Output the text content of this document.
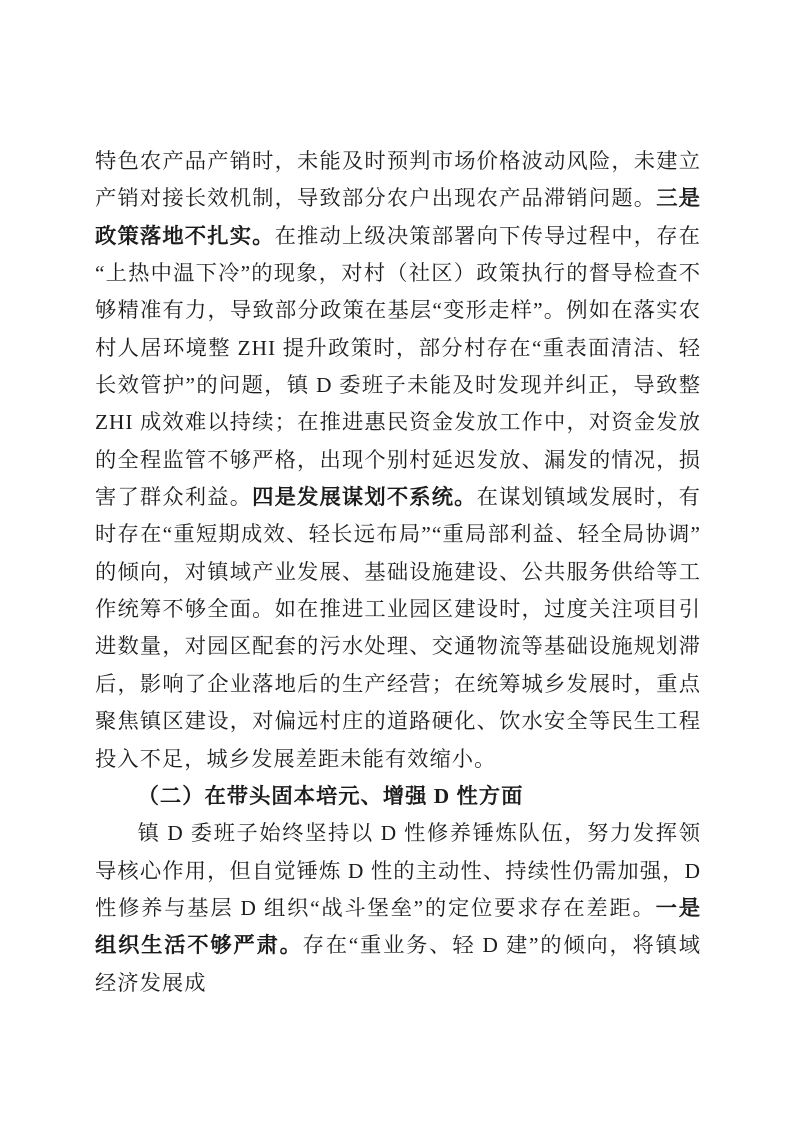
特色农产品产销时，未能及时预判市场价格波动风险，未建立产销对接长效机制，导致部分农户出现农产品滞销问题。三是政策落地不扎实。在推动上级决策部署向下传导过程中，存在“上热中温下冷”的现象，对村（社区）政策执行的督导检查不够精准有力，导致部分政策在基层“变形走样”。例如在落实农村人居环境整 ZHI 提升政策时，部分村存在“重表面清洁、轻长效管护”的问题，镇 D 委班子未能及时发现并纠正，导致整 ZHI 成效难以持续；在推进惠民资金发放工作中，对资金发放的全程监管不够严格，出现个别村延迟发放、漏发的情况，损害了群众利益。四是发展谋划不系统。在谋划镇域发展时，有时存在“重短期成效、轻长远布局”“重局部利益、轻全局协调”的倾向，对镇域产业发展、基础设施建设、公共服务供给等工作统筹不够全面。如在推进工业园区建设时，过度关注项目引进数量，对园区配套的污水处理、交通物流等基础设施规划滞后，影响了企业落地后的生产经营；在统筹城乡发展时，重点聚焦镇区建设，对偏远村庄的道路硬化、饮水安全等民生工程投入不足，城乡发展差距未能有效缩小。

（二）在带头固本培元、增强 D 性方面

镇 D 委班子始终坚持以 D 性修养锤炼队伍，努力发挥领导核心作用，但自觉锤炼 D 性的主动性、持续性仍需加强，D 性修养与基层 D 组织“战斗堡垒”的定位要求存在差距。一是组织生活不够严肃。存在“重业务、轻 D 建”的倾向，将镇域经济发展成
